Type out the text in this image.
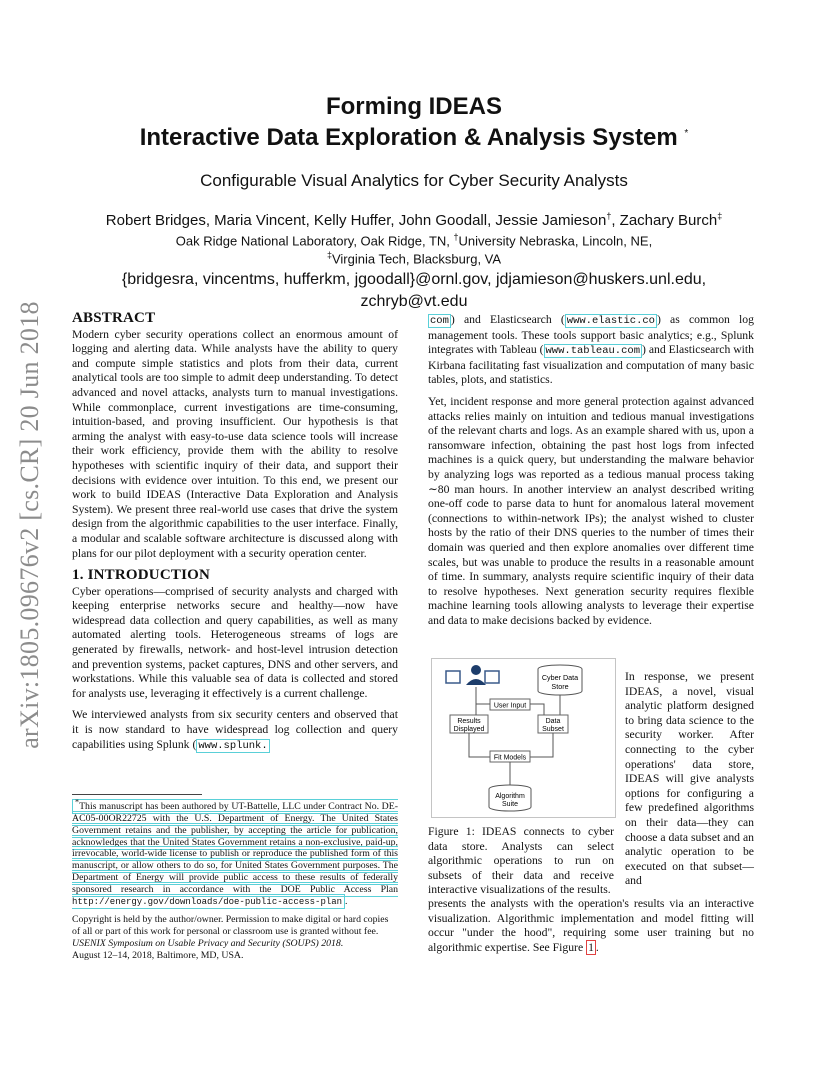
arXiv:1805.09676v2 [cs.CR] 20 Jun 2018
Forming IDEAS
Interactive Data Exploration & Analysis System *
Configurable Visual Analytics for Cyber Security Analysts
Robert Bridges, Maria Vincent, Kelly Huffer, John Goodall, Jessie Jamieson†, Zachary Burch‡
Oak Ridge National Laboratory, Oak Ridge, TN, †University Nebraska, Lincoln, NE,
‡Virginia Tech, Blacksburg, VA
{bridgesra, vincentms, hufferkm, jgoodall}@ornl.gov, jdjamieson@huskers.unl.edu,
zchryb@vt.edu
ABSTRACT

Modern cyber security operations collect an enormous amount of logging and alerting data. While analysts have the ability to query and compute simple statistics and plots from their data, current analytical tools are too simple to admit deep understanding. To detect advanced and novel attacks, analysts turn to manual investigations. While commonplace, current investigations are time-consuming, intuition-based, and proving insufficient. Our hypothesis is that arming the analyst with easy-to-use data science tools will increase their work efficiency, provide them with the ability to resolve hypotheses with scientific inquiry of their data, and support their decisions with evidence over intuition. To this end, we present our work to build IDEAS (Interactive Data Exploration and Analysis System). We present three real-world use cases that drive the system design from the algorithmic capabilities to the user interface. Finally, a modular and scalable software architecture is discussed along with plans for our pilot deployment with a security operation center.

1. INTRODUCTION

Cyber operations—comprised of security analysts and charged with keeping enterprise networks secure and healthy—now have widespread data collection and query capabilities, as well as many automated alerting tools. Heterogeneous streams of logs are generated by firewalls, network- and host-level intrusion detection and prevention systems, packet captures, DNS and other servers, and workstations. While this valuable sea of data is collected and stored for analysts use, leveraging it effectively is a current challenge.

We interviewed analysts from six security centers and observed that it is now standard to have widespread log collection and query capabilities using Splunk ( www.splunk.

*This manuscript has been authored by UT-Battelle, LLC under Contract No. DE-AC05-00OR22725 with the U.S. Department of Energy. The United States Government retains and the publisher, by accepting the article for publication, acknowledges that the United States Government retains a non-exclusive, paid-up, irrevocable, world-wide license to publish or reproduce the published form of this manuscript, or allow others to do so, for United States Government purposes. The Department of Energy will provide public access to these results of federally sponsored research in accordance with the DOE Public Access Plan http://energy.gov/downloads/doe-public-access-plan .
Copyright is held by the author/owner. Permission to make digital or hard copies of all or part of this work for personal or classroom use is granted without fee.
USENIX Symposium on Usable Privacy and Security (SOUPS) 2018.
August 12–14, 2018, Baltimore, MD, USA.

com ) and Elasticsearch ( www.elastic.co ) as common log management tools. These tools support basic analytics; e.g., Splunk integrates with Tableau ( www.tableau.com ) and Elasticsearch with Kirbana facilitating fast visualization and computation of many basic tables, plots, and statistics.

Yet, incident response and more general protection against advanced attacks relies mainly on intuition and tedious manual investigations of the relevant charts and logs. As an example shared with us, upon a ransomware infection, obtaining the past host logs from infected machines is a quick query, but understanding the malware behavior by analyzing logs was reported as a tedious manual process taking ∼80 man hours. In another interview an analyst described writing one-off code to parse data to hunt for anomalous lateral movement (connections to within-network IPs); the analyst wished to cluster hosts by the ratio of their DNS queries to the number of times their domain was queried and then explore anomalies over different time scales, but was unable to produce the results in a reasonable amount of time. In summary, analysts require scientific inquiry of their data to resolve hypotheses. Next generation security requires flexible machine learning tools allowing analysts to leverage their expertise and data to make decisions backed by evidence.

Cyber Data
Store
User Input
Data
Subset
Results
Displayed
Fit Models
Algorithm
Suite
Figure 1: IDEAS connects to cyber data store. Analysts can select algorithmic operations to run on subsets of their data and receive interactive visualizations of the results.
In response, we present IDEAS, a novel, visual analytic platform designed to bring data science to the security worker. After connecting to the cyber operations' data store, IDEAS will give analysts options for configuring a few predefined algorithms on their data—they can choose a data subset and an analytic operation to be executed on that subset—and
presents the analysts with the operation's results via an interactive visualization. Algorithmic implementation and model fitting will occur "under the hood", requiring some user training but no algorithmic expertise. See Figure 1 .
